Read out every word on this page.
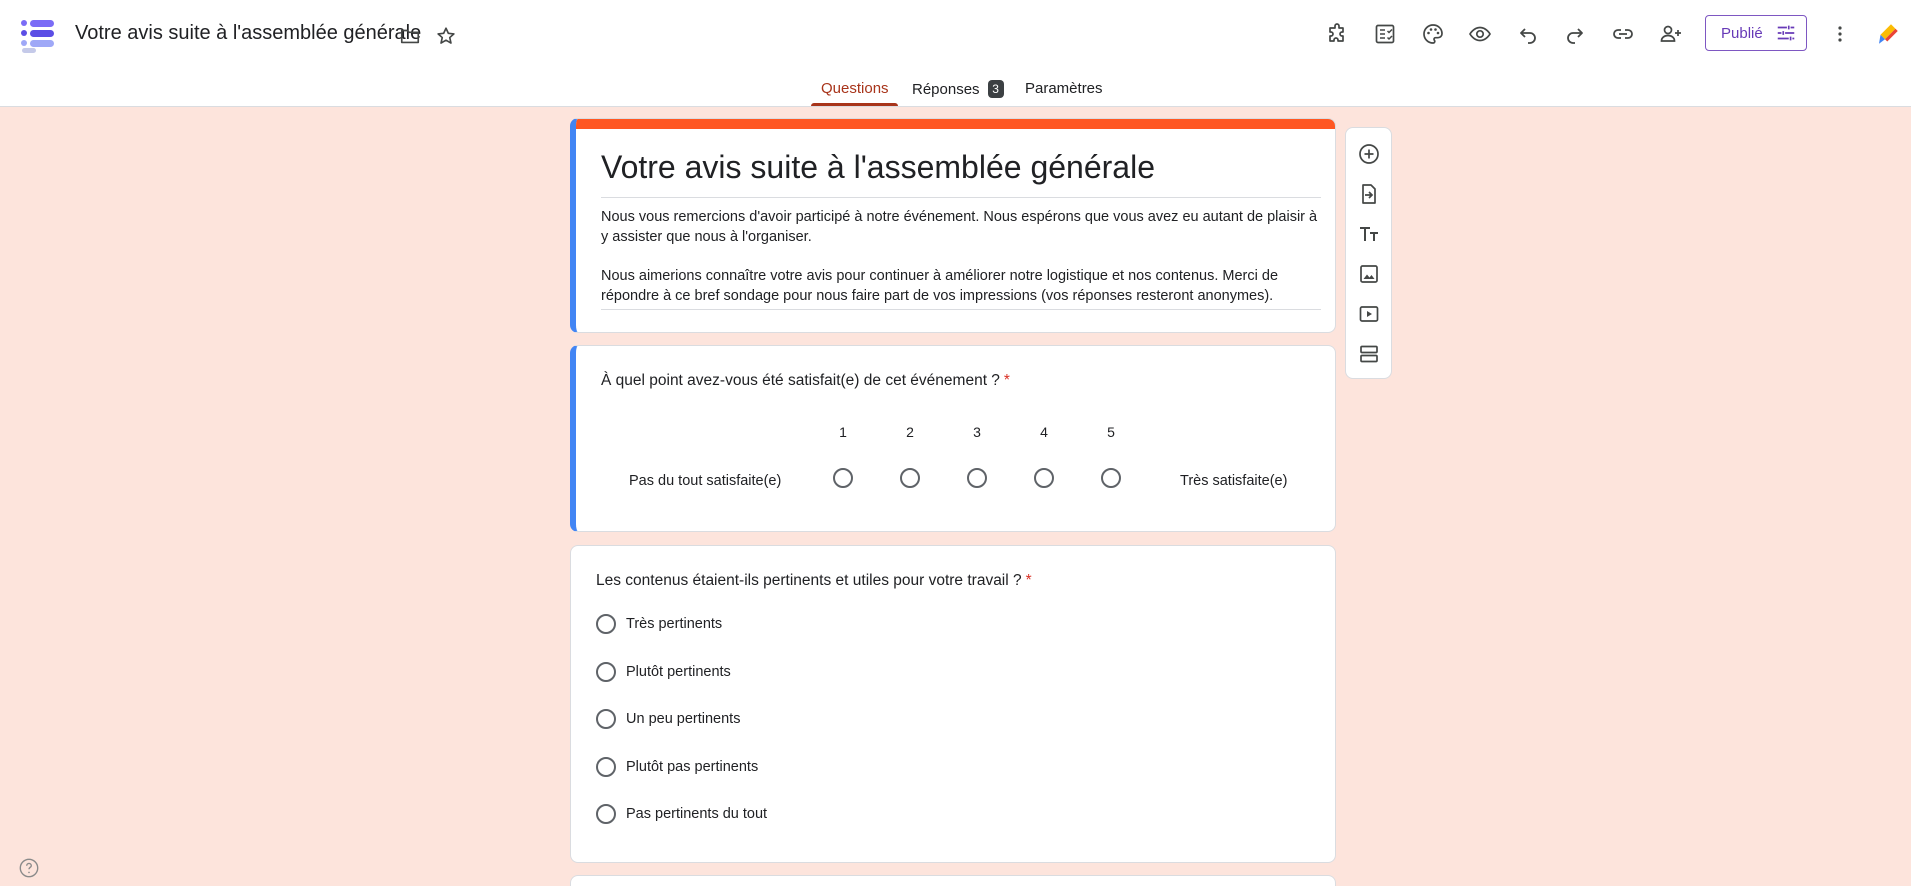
Votre avis suite à l'assemblée générale	Publié
Questions Réponses 3	Paramètres
Votre avis suite à l'assemblée générale

Nous vous remercions d'avoir participé à notre événement. Nous espérons que vous avez eu autant de plaisir à y assister que nous à l'organiser.

Nous aimerions connaître votre avis pour continuer à améliorer notre logistique et nos contenus. Merci de répondre à ce bref sondage pour nous faire part de vos impressions (vos réponses resteront anonymes).

À quel point avez-vous été satisfait(e) de cet événement ? *
1	2	3	4	5
Pas du tout satisfaite(e)	Très satisfaite(e)
Les contenus étaient-ils pertinents et utiles pour votre travail ? *
Très pertinents
Plutôt pertinents
Un peu pertinents
Plutôt pas pertinents
Pas pertinents du tout
